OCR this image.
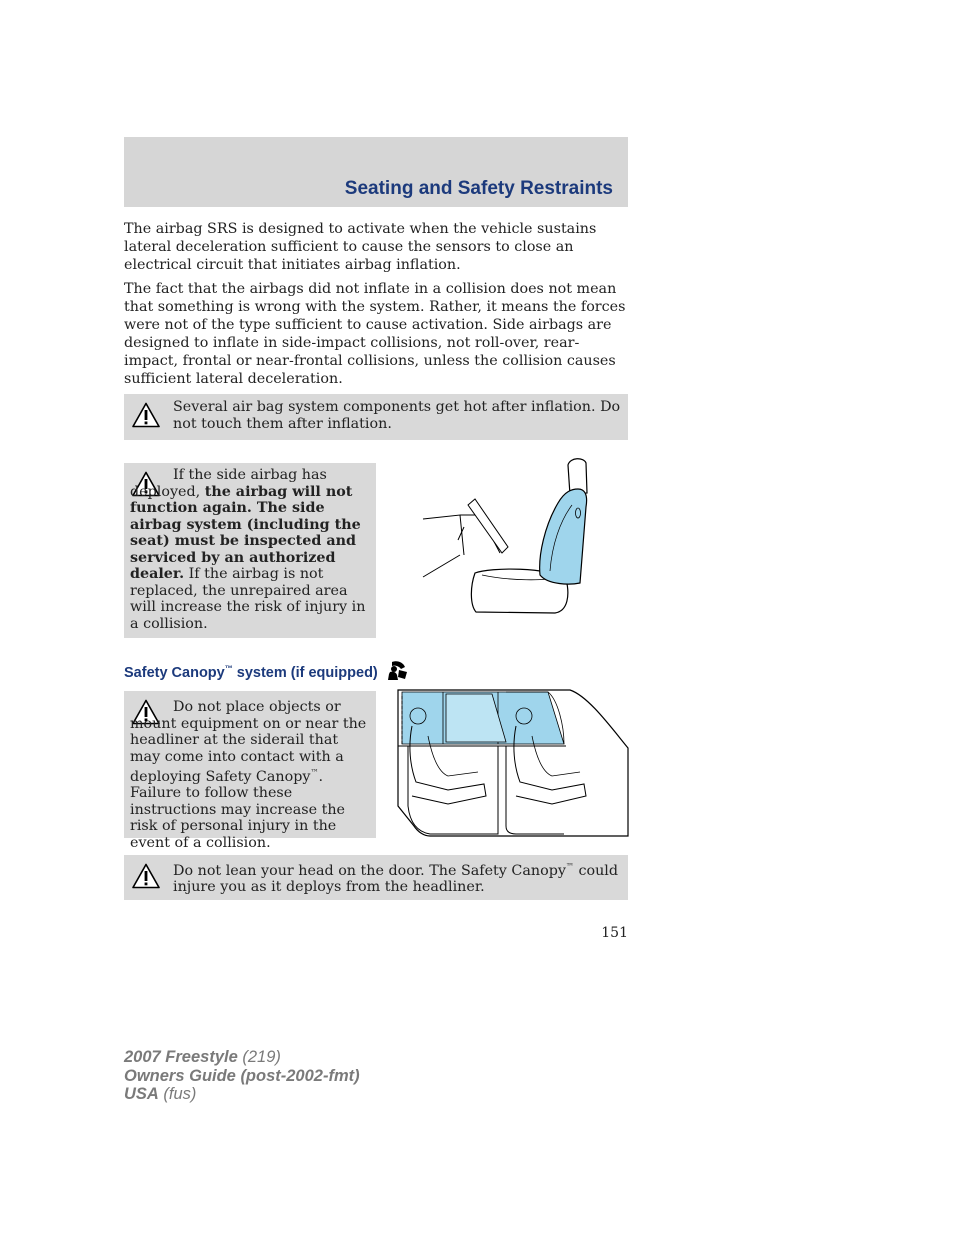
Seating and Safety Restraints

The airbag SRS is designed to activate when the vehicle sustains lateral deceleration sufficient to cause the sensors to close an electrical circuit that initiates airbag inflation.

The fact that the airbags did not inflate in a collision does not mean that something is wrong with the system. Rather, it means the forces were not of the type sufficient to cause activation. Side airbags are designed to inflate in side-impact collisions, not roll-over, rear-impact, frontal or near-frontal collisions, unless the collision causes sufficient lateral deceleration.

Several air bag system components get hot after inflation. Do not touch them after inflation.

If the side airbag has deployed, the airbag will not function again. The side airbag system (including the seat) must be inspected and serviced by an authorized dealer. If the airbag is not replaced, the unrepaired area will increase the risk of injury in a collision.

Safety Canopy™ system (if equipped)

Do not place objects or mount equipment on or near the headliner at the siderail that may come into contact with a deploying Safety Canopy™. Failure to follow these instructions may increase the risk of personal injury in the event of a collision.

Do not lean your head on the door. The Safety Canopy™ could injure you as it deploys from the headliner.

151
2007 Freestyle (219)
Owners Guide (post-2002-fmt)
USA (fus)
